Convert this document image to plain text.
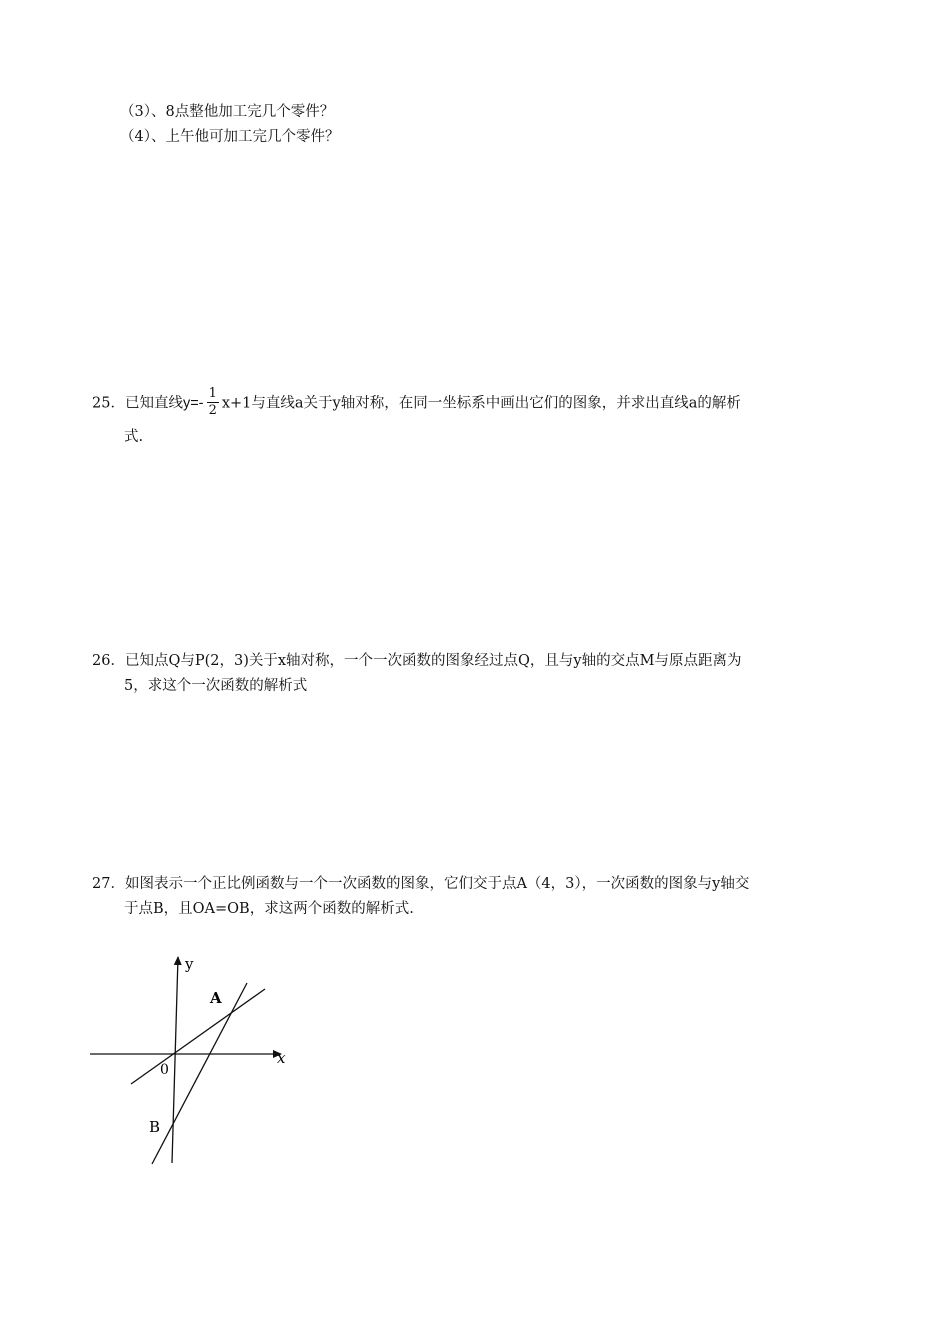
（3）、8点整他加工完几个零件？
（4）、上午他可加工完几个零件？
25．已知直线$y=- \frac{1}{2} x+1$与直线a关于y轴对称，在同一坐标系中画出它们的图象，并求出直线a的解析
式.
26．已知点Q与P(2，3)关于x轴对称，一个一次函数的图象经过点Q，且与y轴的交点M与原点距离为
5，求这个一次函数的解析式
27．如图表示一个正比例函数与一个一次函数的图象，它们交于点A（4，3），一次函数的图象与y轴交
于点B，且OA=OB，求这两个函数的解析式.
y
x
0
A
B
